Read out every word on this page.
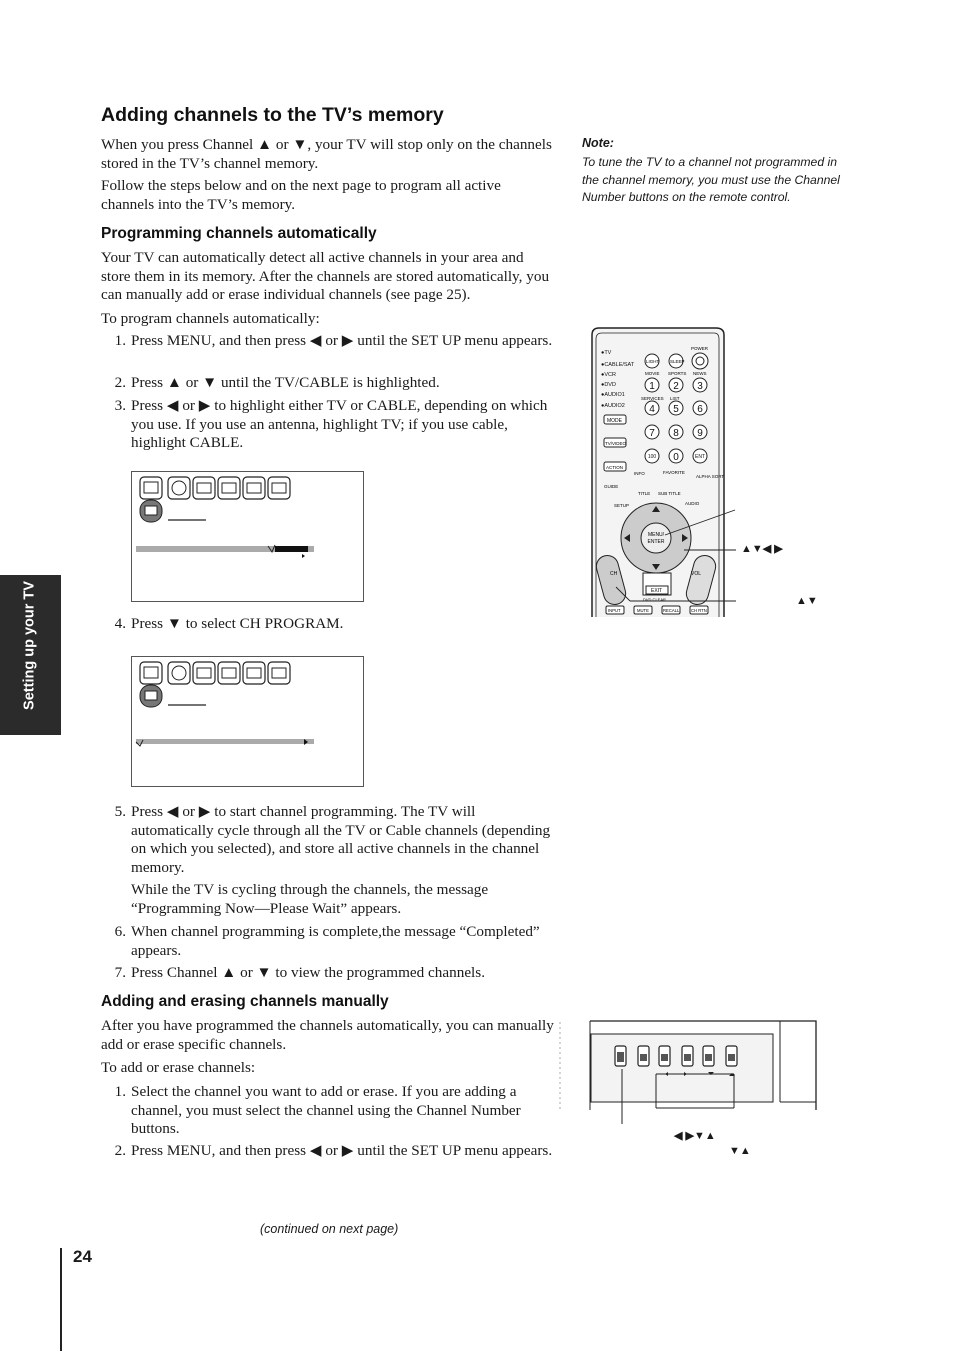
Setting up your TV
Adding channels to the TV’s memory

When you press Channel ▲ or ▼, your TV will stop only on the channels stored in the TV’s channel memory.

Follow the steps below and on the next page to program all active channels into the TV’s memory.

Programming channels automatically

Your TV can automatically detect all active channels in your area and store them in its memory. After the channels are stored automatically, you can manually add or erase individual channels (see page 25).

To program channels automatically:

1. Press MENU, and then press ◀ or ▶ until the SET UP menu appears.
2. Press ▲ or ▼ until the TV/CABLE is highlighted.
3. Press ◀ or ▶ to highlight either TV or CABLE, depending on which you use. If you use an antenna, highlight TV; if you use cable, highlight CABLE.
4. Press ▼ to select CH PROGRAM.
5. Press ◀ or ▶ to start channel programming. The TV will automatically cycle through all the TV or Cable channels (depending on which you selected), and store all active channels in the channel memory.
While the TV is cycling through the channels, the message “Programming Now—Please Wait” appears.
6. When channel programming is complete,the message “Completed” appears.
7. Press Channel ▲ or ▼ to view the programmed channels.
Adding and erasing channels manually

After you have programmed the channels automatically, you can manually add or erase specific channels.

To add or erase channels:

1. Select the channel you want to add or erase. If you are adding a channel, you must select the channel using the Channel Number buttons.
2. Press MENU, and then press ◀ or ▶ until the SET UP menu appears.
Note:
To tune the TV to a channel not programmed in the channel memory, you must use the Channel Number buttons on the remote control.
●TV
●CABLE/SAT
●VCR
●DVD
●AUDIO1
●AUDIO2
POWER
LIGHT SLEEP
MOVIE SPORTS NEWS
SERVICES LIST
1 2 3
4 5 6
7 8 9
0
100	ENT
MODE
TV/VIDEO
ACTION
INFO	FAVORITE
ALPHA SORT
GUIDE
TITLE SUB TITLE
SETUP	AUDIO
MENU/
ENTER
CH	VOL
EXIT
DVD CLEAR
INPUT	MUTE	RECALL	CH RTN
▲▼◀ ▶
▲▼
◀ ▶▼▲
▼▲
(continued on next page)
24
